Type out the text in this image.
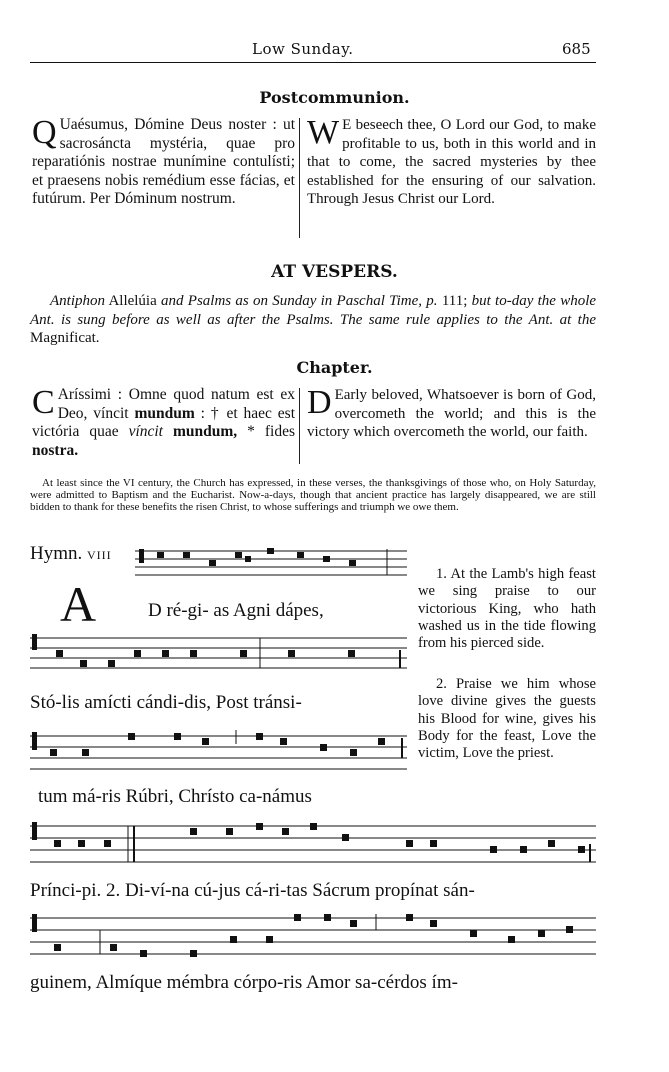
Low Sunday.	685
Postcommunion.
Q Uaésumus, Dómine Deus noster : ut sacrosáncta mystéria, quae pro reparatiónis nostrae munímine contulísti; et praesens nobis remédium esse fácias, et futúrum. Per Dóminum nostrum.
W E beseech thee, O Lord our God, to make profitable to us, both in this world and in that to come, the sacred mysteries by thee established for the ensuring of our salvation. Through Jesus Christ our Lord.
AT VESPERS.
Antiphon Allelúia and Psalms as on Sunday in Paschal Time, p. 111; but to-day the whole Ant. is sung before as well as after the Psalms. The same rule applies to the Ant. at the Magnificat.
Chapter.
C Aríssimi : Omne quod natum est ex Deo, víncit mundum : † et haec est victória quae víncit mundum, * fides nostra.
D Early beloved, Whatsoever is born of God, overcometh the world; and this is the victory which overcometh the world, our faith.
At least since the VI century, the Church has expressed, in these verses, the thanksgivings of those who, on Holy Saturday, were admitted to Baptism and the Eucharist. Now-a-days, though that ancient practice has largely disappeared, we are still bidden to thank for these benefits the risen Christ, to whose sufferings and triumph we owe them.
Hymn. VIII
A	D ré-gi- as Agni dápes,
Stó-lis amícti cándi-dis, Post tránsi-
tum má-ris Rúbri, Chrísto ca-námus
Prínci-pi. 2. Di-ví-na cú-jus cá-ri-tas Sácrum propínat sán-
guinem, Almíque mémbra córpo-ris Amor sa-cérdos ím-
1. At the Lamb's high feast we sing praise to our victorious King, who hath washed us in the tide flowing from his pierced side.
2. Praise we him whose love divine gives the guests his Blood for wine, gives his Body for the feast, Love the victim, Love the priest.
